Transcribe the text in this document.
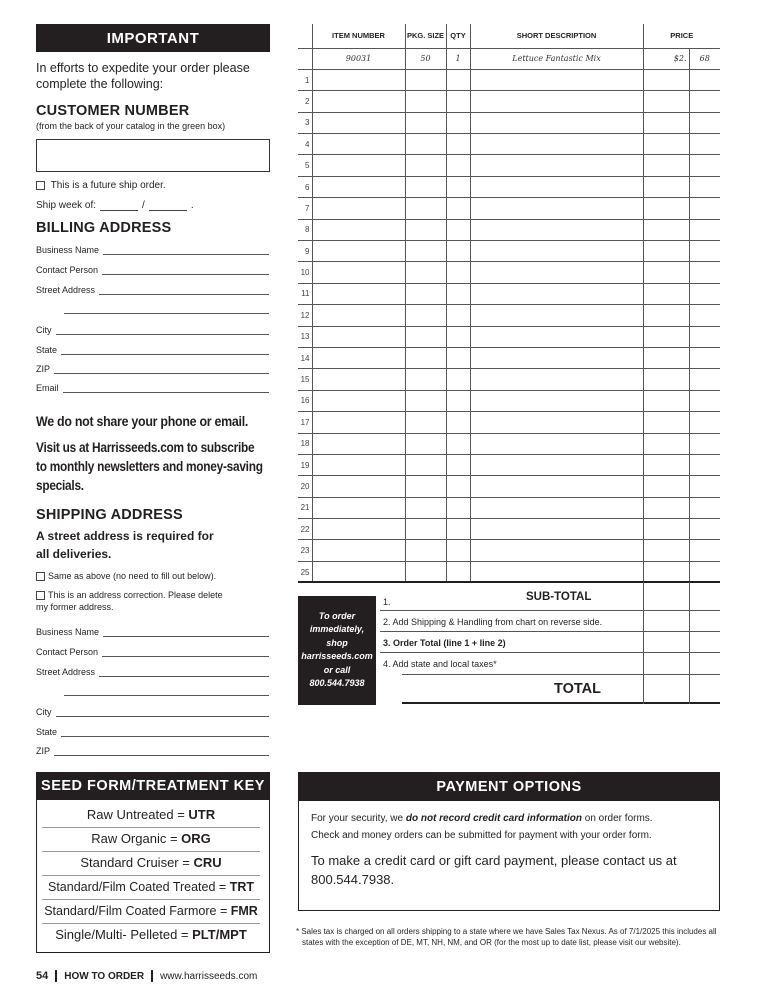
IMPORTANT
In efforts to expedite your order please complete the following:
CUSTOMER NUMBER
(from the back of your catalog in the green box)
This is a future ship order.
Ship week of:	/	.
BILLING ADDRESS
Business Name
Contact Person
Street Address
City
State
ZIP
Email
We do not share your phone or email.
Visit us at Harrisseeds.com to subscribe to monthly newsletters and money-saving specials.
SHIPPING ADDRESS
A street address is required for all deliveries.
Same as above (no need to fill out below).
This is an address correction. Please delete my former address.
Business Name
Contact Person
Street Address
City
State
ZIP
	ITEM NUMBER	PKG. SIZE	QTY	SHORT DESCRIPTION	PRICE	
	90031	50	1	Lettuce Fantastic Mix	$2.	68
1						
2						
3						
4						
5						
6						
7						
8						
9						
10						
11						
12						
13						
14						
15						
16						
17						
18						
19						
20						
21						
22						
23						
25						
To order
immediately,
shop
harrisseeds.com
or call
800.544.7938
1.	SUB-TOTAL
2. Add Shipping & Handling from chart on reverse side.
3. Order Total (line 1 + line 2)
4. Add state and local taxes*
TOTAL
SEED FORM/TREATMENT KEY
Raw Untreated = UTR
Raw Organic = ORG
Standard Cruiser = CRU
Standard/Film Coated Treated = TRT
Standard/Film Coated Farmore = FMR
Single/Multi- Pelleted = PLT/MPT
PAYMENT OPTIONS
For your security, we do not record credit card information on order forms.
Check and money orders can be submitted for payment with your order form.
To make a credit card or gift card payment, please contact us at 800.544.7938.
* Sales tax is charged on all orders shipping to a state where we have Sales Tax Nexus. As of 7/1/2025 this includes all states with the exception of DE, MT, NH, NM, and OR (for the most up to date list, please visit our website).
54 HOW TO ORDER www.harrisseeds.com
